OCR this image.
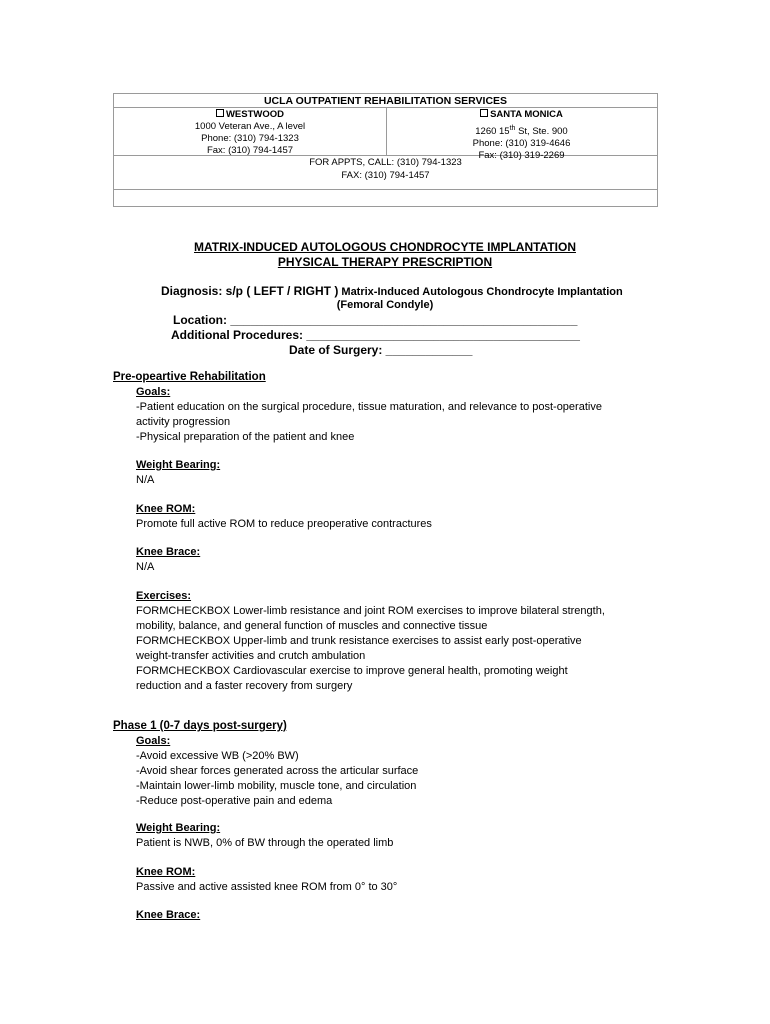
UCLA OUTPATIENT REHABILITATION SERVICES
WESTWOOD
1000 Veteran Ave., A level
Phone: (310) 794-1323
Fax: (310) 794-1457
SANTA MONICA
1260 15th St, Ste. 900
Phone: (310) 319-4646
Fax: (310) 319-2269
FOR APPTS, CALL: (310) 794-1323
FAX: (310) 794-1457
MATRIX-INDUCED AUTOLOGOUS CHONDROCYTE IMPLANTATION
PHYSICAL THERAPY PRESCRIPTION
Diagnosis: s/p ( LEFT / RIGHT ) Matrix-Induced Autologous Chondrocyte Implantation
(Femoral Condyle)
Location: ____________________________________________________
Additional Procedures: _________________________________________
Date of Surgery: _____________
Pre-opeartive Rehabilitation
Goals:
-Patient education on the surgical procedure, tissue maturation, and relevance to post-operative
activity progression
-Physical preparation of the patient and knee
Weight Bearing:
N/A
Knee ROM:
Promote full active ROM to reduce preoperative contractures
Knee Brace:
N/A
Exercises:
FORMCHECKBOX Lower-limb resistance and joint ROM exercises to improve bilateral strength,
mobility, balance, and general function of muscles and connective tissue
FORMCHECKBOX Upper-limb and trunk resistance exercises to assist early post-operative
weight-transfer activities and crutch ambulation
FORMCHECKBOX Cardiovascular exercise to improve general health, promoting weight
reduction and a faster recovery from surgery
Phase 1 (0-7 days post-surgery)
Goals:
-Avoid excessive WB (>20% BW)
-Avoid shear forces generated across the articular surface
-Maintain lower-limb mobility, muscle tone, and circulation
-Reduce post-operative pain and edema
Weight Bearing:
Patient is NWB, 0% of BW through the operated limb
Knee ROM:
Passive and active assisted knee ROM from 0° to 30°
Knee Brace:
